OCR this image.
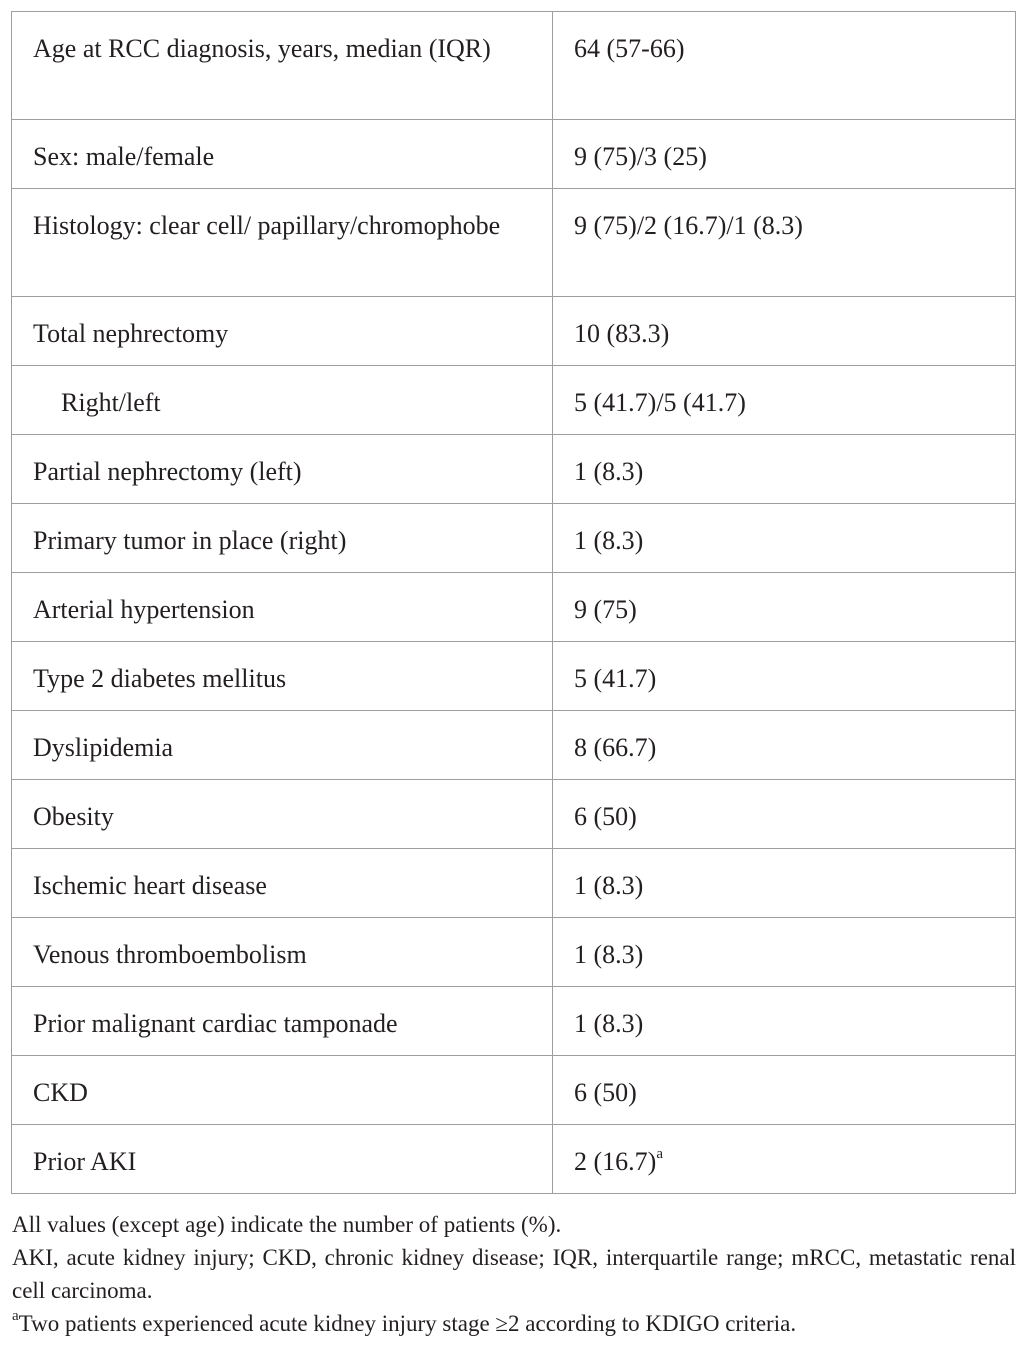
Age at RCC diagnosis, years, median (IQR)	64 (57-66)
Sex: male/female	9 (75)/3 (25)
Histology: clear cell/ papillary/chromophobe	9 (75)/2 (16.7)/1 (8.3)
Total nephrectomy	10 (83.3)
Right/left	5 (41.7)/5 (41.7)
Partial nephrectomy (left)	1 (8.3)
Primary tumor in place (right)	1 (8.3)
Arterial hypertension	9 (75)
Type 2 diabetes mellitus	5 (41.7)
Dyslipidemia	8 (66.7)
Obesity	6 (50)
Ischemic heart disease	1 (8.3)
Venous thromboembolism	1 (8.3)
Prior malignant cardiac tamponade	1 (8.3)
CKD	6 (50)
Prior AKI	2 $(16.7)^a$

All values (except age) indicate the number of patients (%).

AKI, acute kidney injury; CKD, chronic kidney disease; IQR, interquartile range; mRCC, metastatic renal cell carcinoma.

$^a$Two patients experienced acute kidney injury stage ≥2 according to KDIGO criteria.
